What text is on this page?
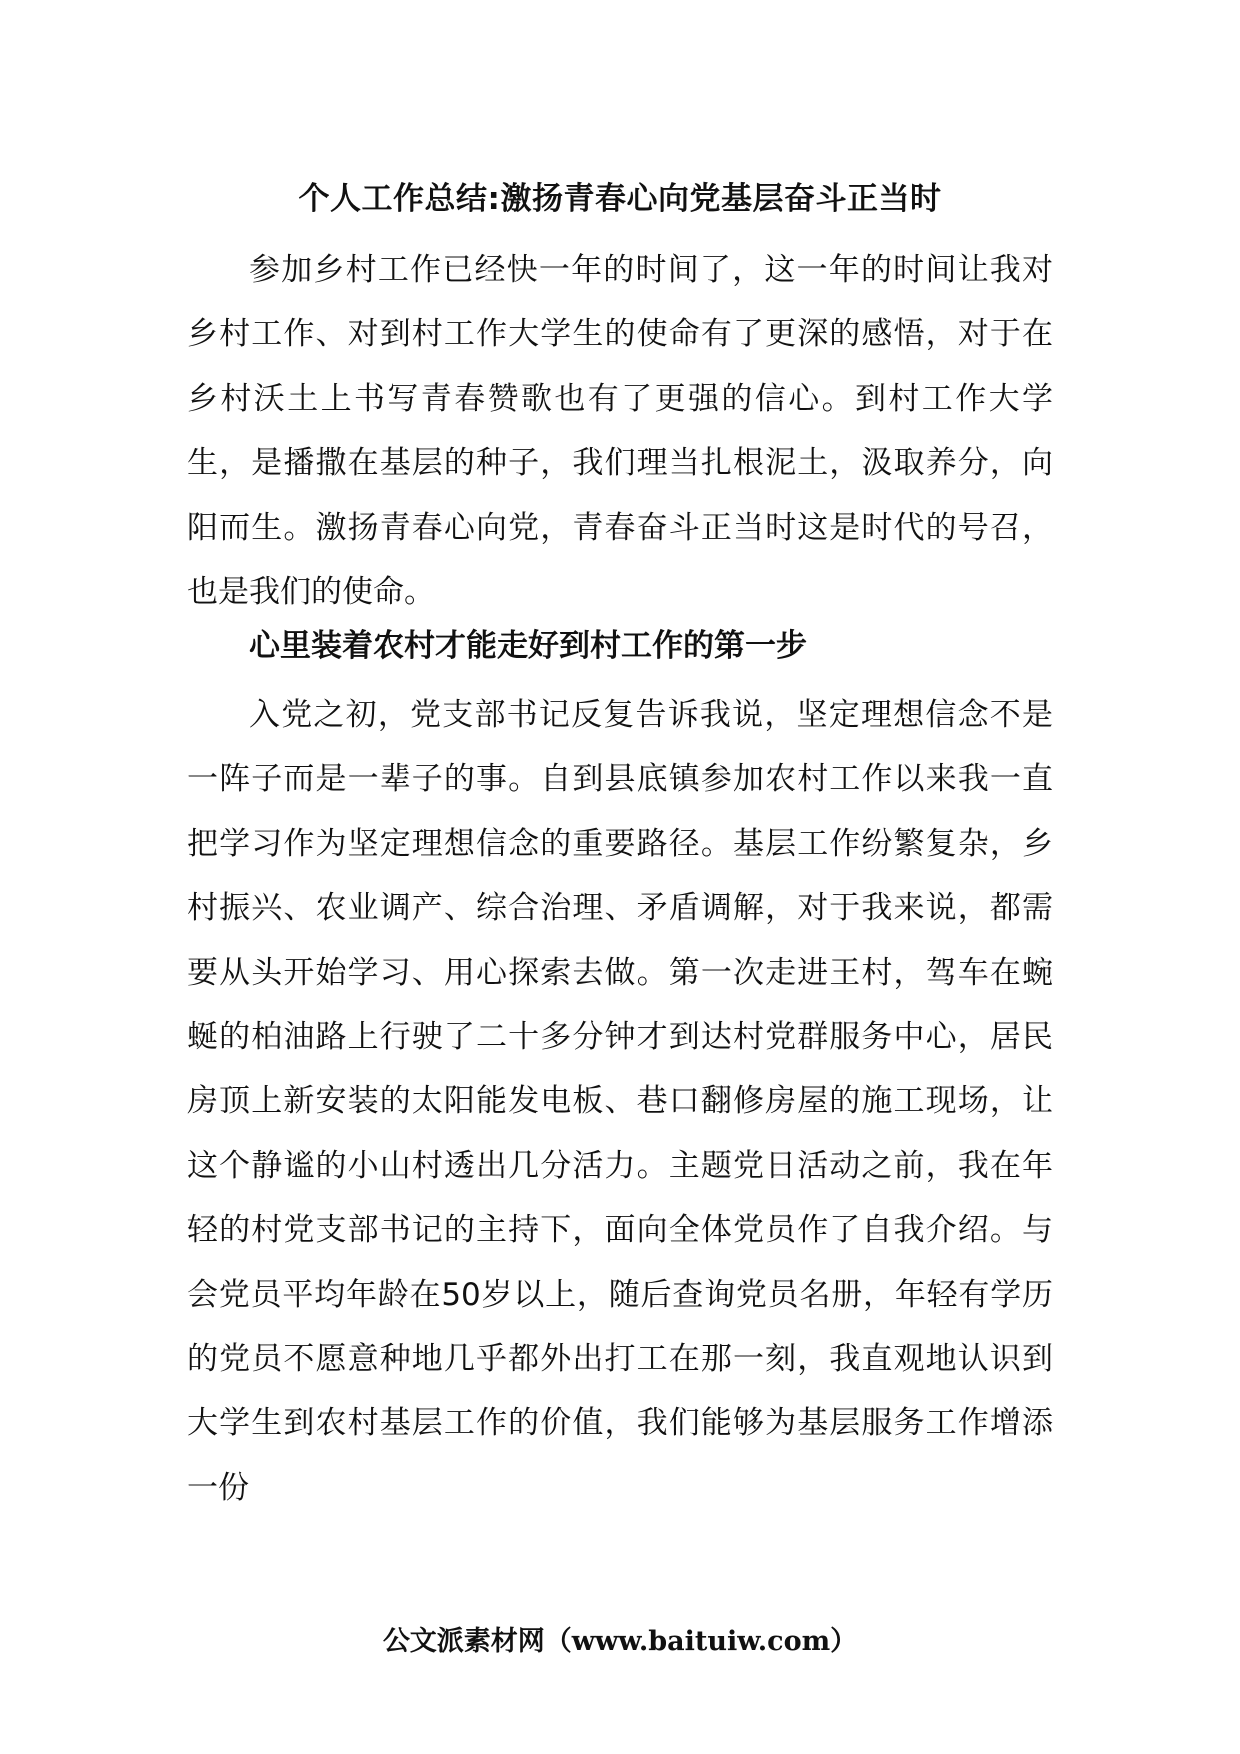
个人工作总结:激扬青春心向党基层奋斗正当时

参加乡村工作已经快一年的时间了，这一年的时间让我对乡村工作、对到村工作大学生的使命有了更深的感悟，对于在乡村沃土上书写青春赞歌也有了更强的信心。到村工作大学生，是播撒在基层的种子，我们理当扎根泥土，汲取养分，向阳而生。激扬青春心向党，青春奋斗正当时这是时代的号召，也是我们的使命。

心里装着农村才能走好到村工作的第一步

入党之初，党支部书记反复告诉我说，坚定理想信念不是一阵子而是一辈子的事。自到县底镇参加农村工作以来我一直把学习作为坚定理想信念的重要路径。基层工作纷繁复杂，乡村振兴、农业调产、综合治理、矛盾调解，对于我来说，都需要从头开始学习、用心探索去做。第一次走进王村，驾车在蜿蜒的柏油路上行驶了二十多分钟才到达村党群服务中心，居民房顶上新安装的太阳能发电板、巷口翻修房屋的施工现场，让这个静谧的小山村透出几分活力。主题党日活动之前，我在年轻的村党支部书记的主持下，面向全体党员作了自我介绍。与会党员平均年龄在50岁以上，随后查询党员名册，年轻有学历的党员不愿意种地几乎都外出打工在那一刻，我直观地认识到大学生到农村基层工作的价值，我们能够为基层服务工作增添一份

公文派素材网（www.baituiw.com）
